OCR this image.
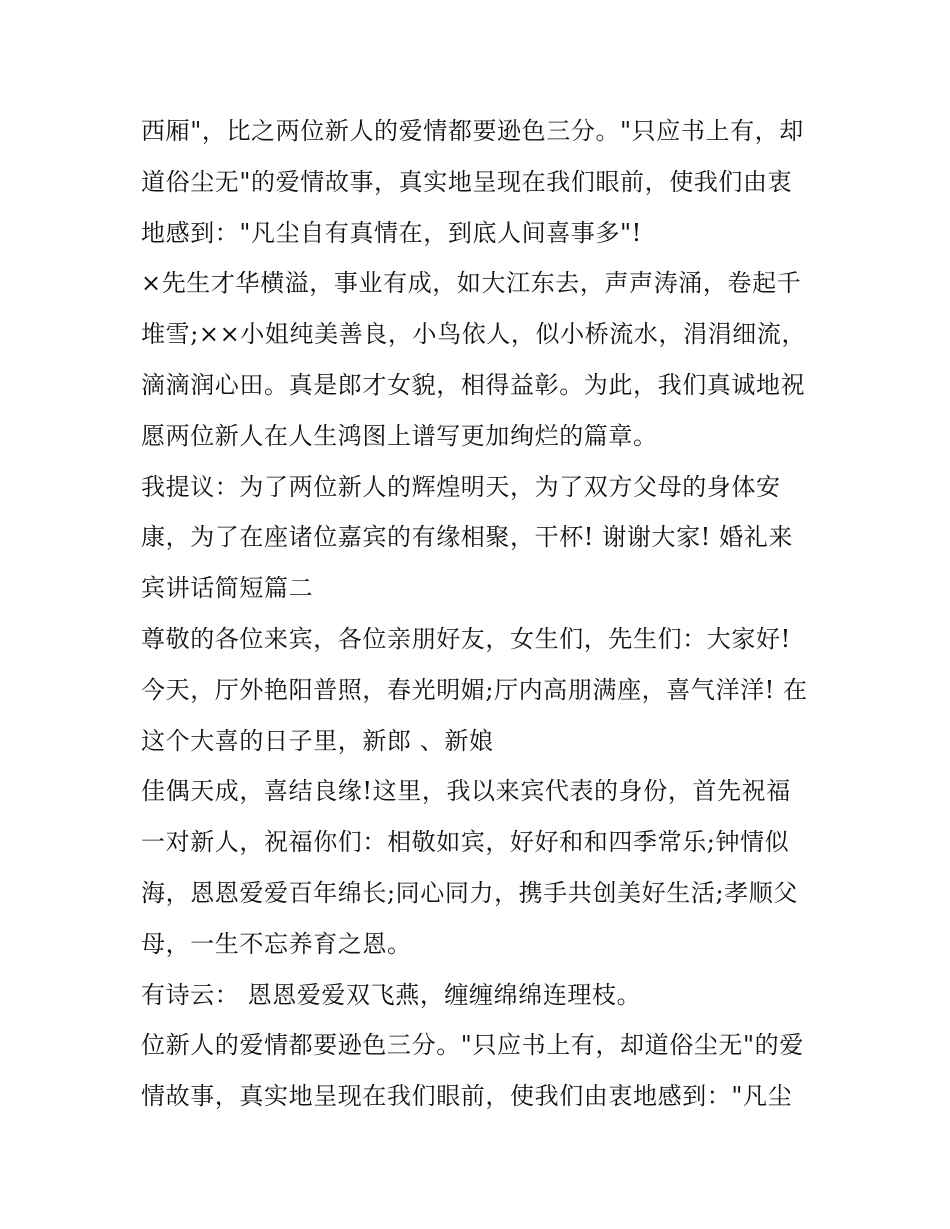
西厢"，比之两位新人的爱情都要逊色三分。"只应书上有，却
道俗尘无"的爱情故事，真实地呈现在我们眼前，使我们由衷
地感到："凡尘自有真情在，到底人间喜事多"!
×先生才华横溢，事业有成，如大江东去，声声涛涌，卷起千
堆雪;××小姐纯美善良，小鸟依人，似小桥流水，涓涓细流，
滴滴润心田。真是郎才女貌，相得益彰。为此，我们真诚地祝
愿两位新人在人生鸿图上谱写更加绚烂的篇章。
我提议：为了两位新人的辉煌明天，为了双方父母的身体安
康，为了在座诸位嘉宾的有缘相聚，干杯! 谢谢大家! 婚礼来
宾讲话简短篇二
尊敬的各位来宾，各位亲朋好友，女生们，先生们：大家好!
今天，厅外艳阳普照，春光明媚;厅内高朋满座，喜气洋洋! 在
这个大喜的日子里，新郎 、新娘
佳偶天成，喜结良缘!这里，我以来宾代表的身份，首先祝福
一对新人，祝福你们：相敬如宾，好好和和四季常乐;钟情似
海，恩恩爱爱百年绵长;同心同力，携手共创美好生活;孝顺父
母，一生不忘养育之恩。
有诗云： 恩恩爱爱双飞燕，缠缠绵绵连理枝。
位新人的爱情都要逊色三分。"只应书上有，却道俗尘无"的爱
情故事，真实地呈现在我们眼前，使我们由衷地感到："凡尘
